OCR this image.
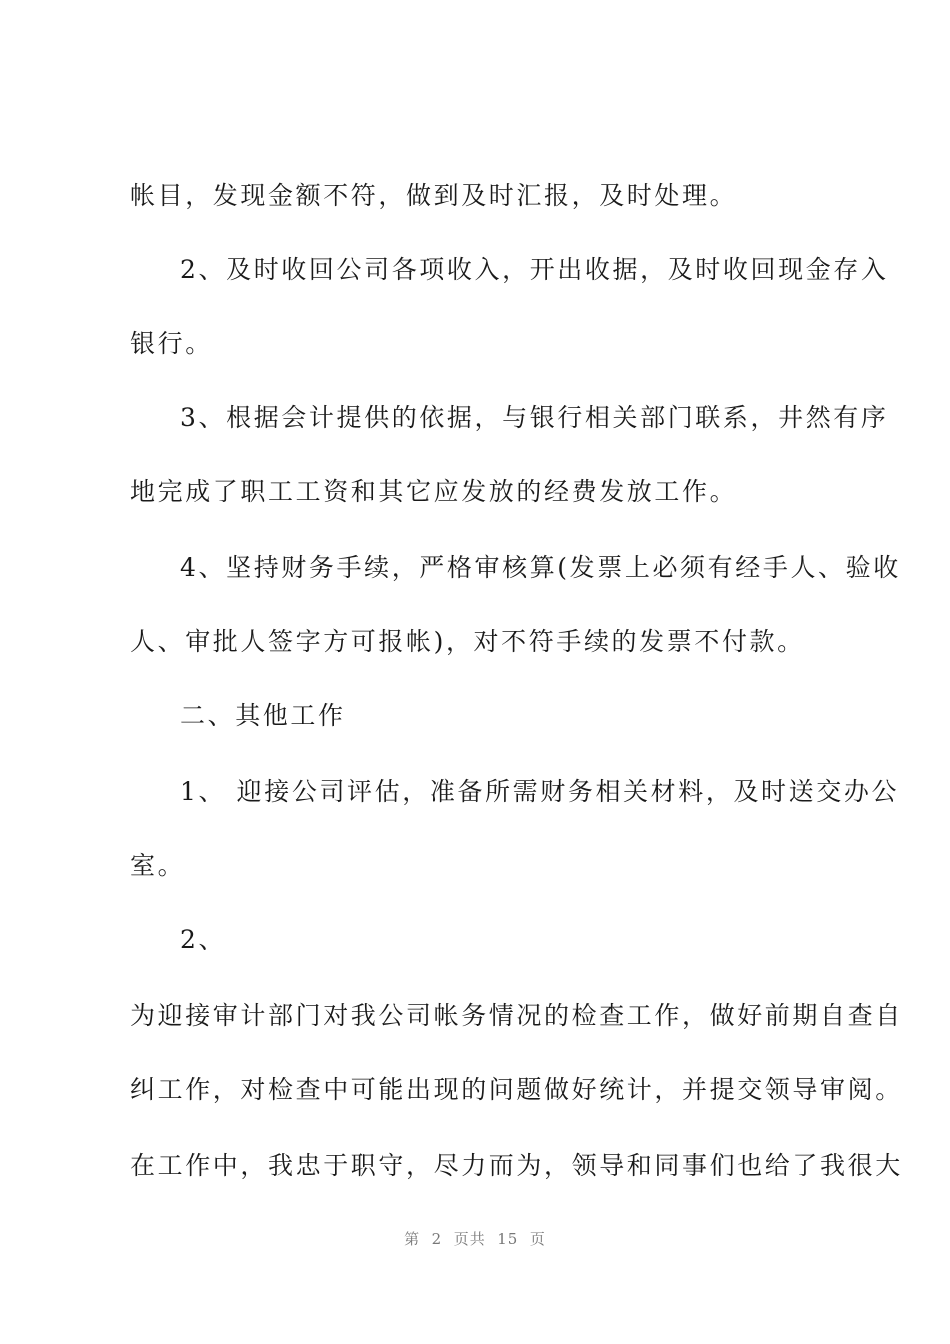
帐目，发现金额不符，做到及时汇报，及时处理。
2、及时收回公司各项收入，开出收据，及时收回现金存入
银行。
3、根据会计提供的依据，与银行相关部门联系，井然有序
地完成了职工工资和其它应发放的经费发放工作。
4、坚持财务手续，严格审核算(发票上必须有经手人、验收
人、审批人签字方可报帐)，对不符手续的发票不付款。
二、其他工作
1、 迎接公司评估，准备所需财务相关材料，及时送交办公
室。
2、
为迎接审计部门对我公司帐务情况的检查工作，做好前期自查自
纠工作，对检查中可能出现的问题做好统计，并提交领导审阅。
在工作中，我忠于职守，尽力而为，领导和同事们也给了我很大
第  2  页共  15  页
